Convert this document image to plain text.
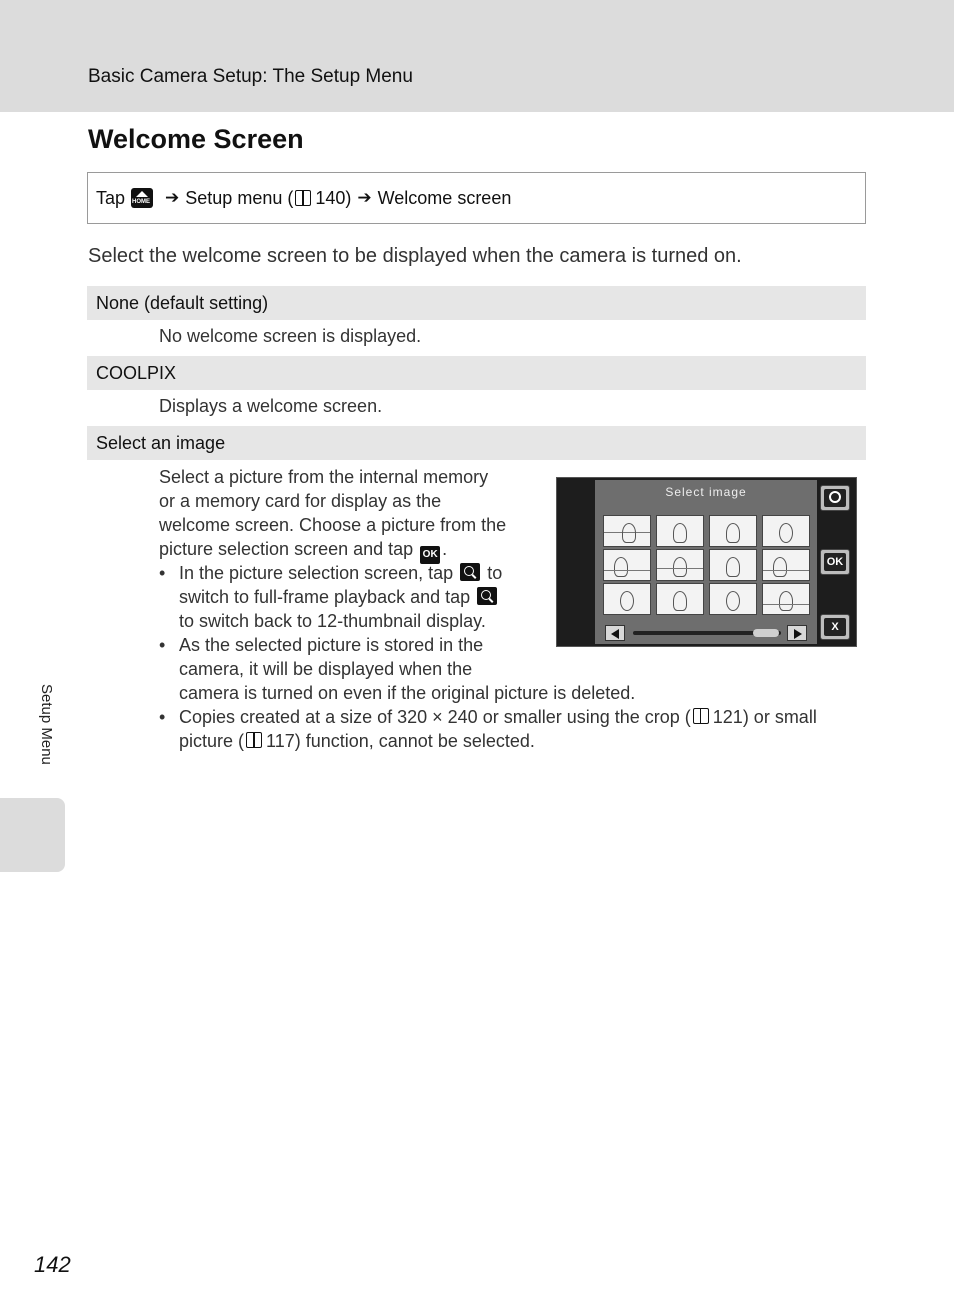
Basic Camera Setup: The Setup Menu
Welcome Screen
Tap
HOME ➔ Setup menu ( 140) ➔ Welcome screen
Select the welcome screen to be displayed when the camera is turned on.
None (default setting)
No welcome screen is displayed.
COOLPIX
Displays a welcome screen.
Select an image
Select a picture from the internal memory
or a memory card for display as the
welcome screen. Choose a picture from the
picture selection screen and tap OK .
• In the picture selection screen, tap to
switch to full-frame playback and tap
to switch back to 12-thumbnail display.
• As the selected picture is stored in the
camera, it will be displayed when the
camera is turned on even if the original picture is deleted.
• Copies created at a size of 320 × 240 or smaller using the crop ( 121) or small
picture ( 117) function, cannot be selected.
Select image
OK
X
Setup Menu
142
